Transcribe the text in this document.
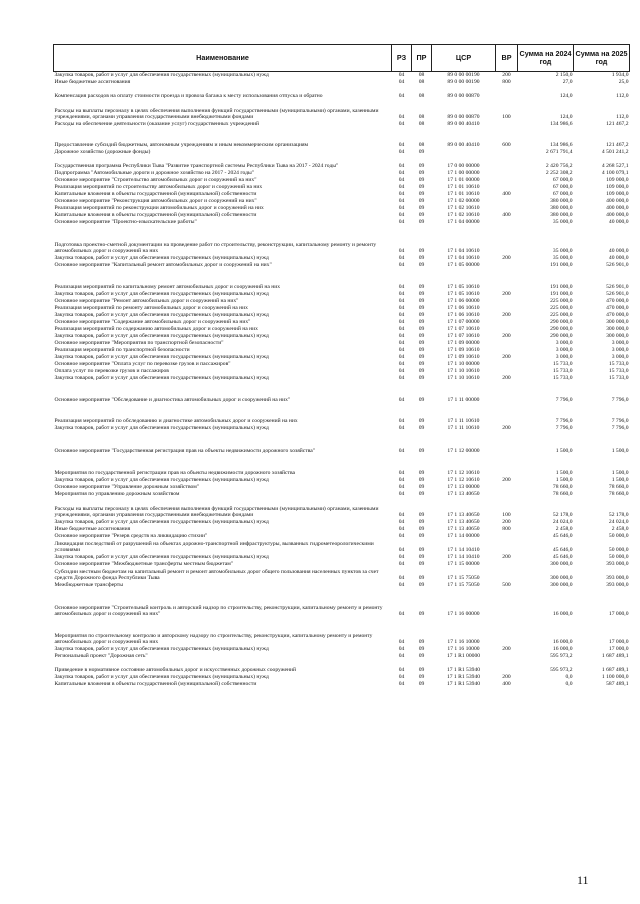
Наименование	РЗ	ПР	ЦСР	ВР	Сумма на 2024 год	Сумма на 2025 год
Закупка товаров, работ и услуг для обеспечения государственных (муниципальных) нужд	04	08	89 0 00 00190	200	2 150,0	1 934,0
Иные бюджетные ассигнования	04	08	89 0 00 00190	800	27,0	25,0
Компенсация расходов на оплату стоимости проезда и провоза багажа к месту использования отпуска и обратно	04	08	89 0 00 00870		124,0	112,0
Расходы на выплаты персоналу в целях обеспечения выполнения функций государственными (муниципальными) органами, казенными учреждениями, органами управления государственными внебюджетными фондами	04	08	89 0 00 00870	100	124,0	112,0
Расходы на обеспечение деятельности (оказание услуг) государственных учреждений	04	08	89 0 00 40410		134 986,6	121 467,2
Предоставление субсидий бюджетным, автономным учреждениям и иным некоммерческим организациям	04	08	89 0 00 40410	600	134 986,6	121 467,2
Дорожное хозяйство (дорожные фонды)	04	09			2 671 791,4	4 501 241,2
Государственная программа Республики Тыва "Развитие транспортной системы Республики Тыва на 2017 - 2024 годы"	04	09	17 0 00 00000		2 420 756,2	4 268 527,1
Подпрограмма "Автомобильные дороги и дорожное хозяйство на 2017 - 2024 годы"	04	09	17 1 00 00000		2 252 308,2	4 100 079,1
Основное мероприятие "Строительство автомобильных дорог и сооружений на них"	04	09	17 1 01 00000		67 000,0	109 000,0
Реализация мероприятий по строительству автомобильных дорог и сооружений на них	04	09	17 1 01 10610		67 000,0	109 000,0
Капитальные вложения в объекты государственной (муниципальной) собственности	04	09	17 1 01 10610	400	67 000,0	109 000,0
Основное мероприятие "Реконструкция автомобильных дорог и сооружений на них"	04	09	17 1 02 00000		380 000,0	400 000,0
Реализация мероприятий по реконструкции автомобильных дорог и сооружений на них	04	09	17 1 02 10610		380 000,0	400 000,0
Капитальные вложения в объекты государственной (муниципальной) собственности	04	09	17 1 02 10610	400	380 000,0	400 000,0
Основное мероприятие "Проектно-изыскательские работы"	04	09	17 1 04 00000		35 000,0	40 000,0
Подготовка проектно-сметной документации на проведение работ по строительству, реконструкции, капитальному ремонту и ремонту автомобильных дорог и сооружений на них	04	09	17 1 04 10610		35 000,0	40 000,0
Закупка товаров, работ и услуг для обеспечения государственных (муниципальных) нужд	04	09	17 1 04 10610	200	35 000,0	40 000,0
Основное мероприятие "Капитальный ремонт автомобильных дорог и сооружений на них"	04	09	17 1 05 00000		191 000,0	526 901,0
Реализация мероприятий по капитальному ремонт автомобильных дорог и сооружений на них	04	09	17 1 05 10610		191 000,0	526 901,0
Закупка товаров, работ и услуг для обеспечения государственных (муниципальных) нужд	04	09	17 1 05 10610	200	191 000,0	526 901,0
Основное мероприятие "Ремонт автомобильных дорог и сооружений на них"	04	09	17 1 06 00000		225 000,0	470 000,0
Реализация мероприятий по ремонту автомобильных дорог и сооружений на них	04	09	17 1 06 10610		225 000,0	470 000,0
Закупка товаров, работ и услуг для обеспечения государственных (муниципальных) нужд	04	09	17 1 06 10610	200	225 000,0	470 000,0
Основное мероприятие "Содержание автомобильных дорог и сооружений на них"	04	09	17 1 07 00000		290 000,0	300 000,0
Реализация мероприятий по содержанию автомобильных дорог и сооружений на них	04	09	17 1 07 10610		290 000,0	300 000,0
Закупка товаров, работ и услуг для обеспечения государственных (муниципальных) нужд	04	09	17 1 07 10610	200	290 000,0	300 000,0
Основное мероприятие "Мероприятия по транспортной безопасности"	04	09	17 1 09 00000		3 000,0	3 000,0
Реализация мероприятий по транспортной безопасности	04	09	17 1 09 10610		3 000,0	3 000,0
Закупка товаров, работ и услуг для обеспечения государственных (муниципальных) нужд	04	09	17 1 09 10610	200	3 000,0	3 000,0
Основное мероприятие "Оплата услуг по перевозке грузов и пассажиров"	04	09	17 1 10 00000		15 733,0	15 733,0
Оплата услуг по перевозке грузов и пассажиров	04	09	17 1 10 10610		15 733,0	15 733,0
Закупка товаров, работ и услуг для обеспечения государственных (муниципальных) нужд	04	09	17 1 10 10610	200	15 733,0	15 733,0
Основное мероприятие "Обследование и диагностика автомобильных дорог и сооружений на них"	04	09	17 1 11 00000		7 796,0	7 796,0
Реализация мероприятий по обследованию и диагностике автомобильных дорог и сооружений на них	04	09	17 1 11 10610		7 796,0	7 796,0
Закупка товаров, работ и услуг для обеспечения государственных (муниципальных) нужд	04	09	17 1 11 10610	200	7 796,0	7 796,0
Основное мероприятие "Государственная регистрация прав на объекты недвижимости дорожного хозяйства"	04	09	17 1 12 00000		1 500,0	1 500,0
Мероприятия по государственной регистрации прав на объекты недвижимости дорожного хозяйства	04	09	17 1 12 10610		1 500,0	1 500,0
Закупка товаров, работ и услуг для обеспечения государственных (муниципальных) нужд	04	09	17 1 12 10610	200	1 500,0	1 500,0
Основное мероприятие "Управление дорожным хозяйством"	04	09	17 1 13 00000		78 660,0	78 660,0
Мероприятия по управлению дорожным хозяйством	04	09	17 1 13 40650		78 660,0	78 660,0
Расходы на выплаты персоналу в целях обеспечения выполнения функций государственными (муниципальными) органами, казенными учреждениями, органами управления государственными внебюджетными фондами	04	09	17 1 13 40650	100	52 178,0	52 178,0
Закупка товаров, работ и услуг для обеспечения государственных (муниципальных) нужд	04	09	17 1 13 40650	200	24 024,0	24 024,0
Иные бюджетные ассигнования	04	09	17 1 13 40650	800	2 458,0	2 458,0
Основное мероприятие "Резерв средств на ликвидацию стихии"	04	09	17 1 14 00000		45 646,0	50 000,0
Ликвидация последствий от разрушений на объектах дорожно-транспортной инфраструктуры, вызванных гидрометеорологическими условиями	04	09	17 1 14 10410		45 646,0	50 000,0
Закупка товаров, работ и услуг для обеспечения государственных (муниципальных) нужд	04	09	17 1 14 10410	200	45 646,0	50 000,0
Основное мероприятие "Межбюджетные трансферты местным бюджетам"	04	09	17 1 15 00000		300 000,0	393 000,0
Субсидии местным бюджетам на капитальный ремонт и ремонт автомобильных дорог общего пользования населенных пунктов за счет средств Дорожного фонда Республики Тыва	04	09	17 1 15 75050		300 000,0	393 000,0
Межбюджетные трансферты	04	09	17 1 15 75050	500	300 000,0	393 000,0
Основное мероприятие "Строительный контроль и авторский надзор по строительству, реконструкции, капитальному ремонту и ремонту автомобильных дорог и сооружений на них"	04	09	17 1 16 00000		16 000,0	17 000,0
Мероприятия по строительному контролю и авторскому надзору по строительству, реконструкции, капитальному ремонту и ремонту автомобильных дорог и сооружений на них	04	09	17 1 16 10000		16 000,0	17 000,0
Закупка товаров, работ и услуг для обеспечения государственных (муниципальных) нужд	04	09	17 1 16 10000	200	16 000,0	17 000,0
Региональный проект "Дорожная сеть"	04	09	17 1 R1 00000		595 973,2	1 687 489,1
Приведение в нормативное состояние автомобильных дорог и искусственных дорожных сооружений	04	09	17 1 R1 53940		595 973,2	1 687 489,1
Закупка товаров, работ и услуг для обеспечения государственных (муниципальных) нужд	04	09	17 1 R1 53940	200	0,0	1 100 000,0
Капитальные вложения в объекты государственной (муниципальной) собственности	04	09	17 1 R1 53940	400	0,0	587 489,1
11
